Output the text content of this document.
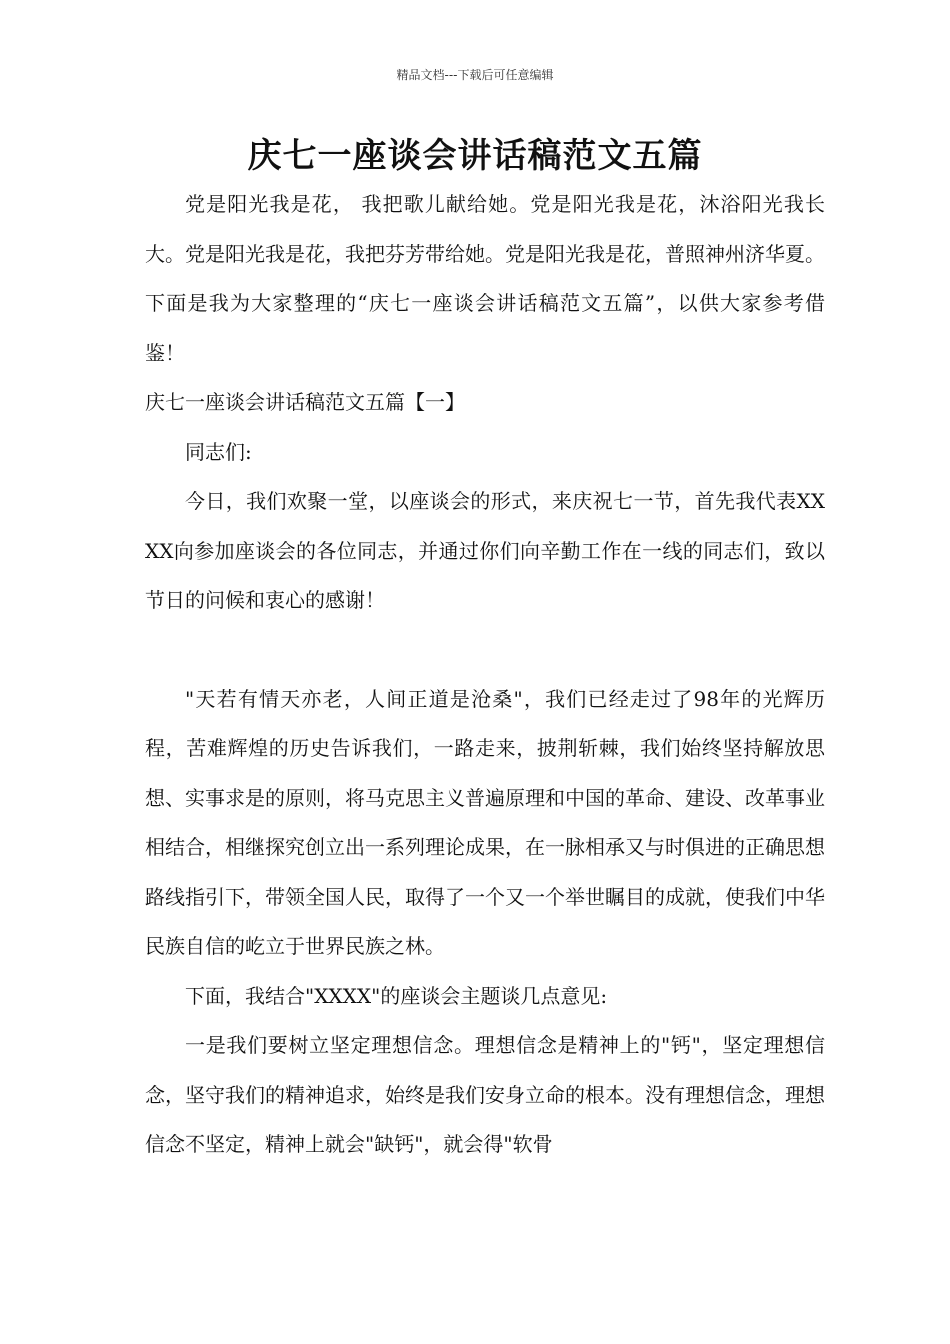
精品文档---下载后可任意编辑
庆七一座谈会讲话稿范文五篇

党是阳光我是花， 我把歌儿献给她。党是阳光我是花，沐浴阳光我长大。党是阳光我是花，我把芬芳带给她。党是阳光我是花，普照神州济华夏。下面是我为大家整理的“庆七一座谈会讲话稿范文五篇”，以供大家参考借鉴！

庆七一座谈会讲话稿范文五篇【一】

同志们:

今日，我们欢聚一堂，以座谈会的形式，来庆祝七一节，首先我代表XXXX向参加座谈会的各位同志，并通过你们向辛勤工作在一线的同志们，致以节日的问候和衷心的感谢！

"天若有情天亦老，人间正道是沧桑"，我们已经走过了98年的光辉历程，苦难辉煌的历史告诉我们，一路走来，披荆斩棘，我们始终坚持解放思想、实事求是的原则，将马克思主义普遍原理和中国的革命、建设、改革事业相结合，相继探究创立出一系列理论成果，在一脉相承又与时俱进的正确思想路线指引下，带领全国人民，取得了一个又一个举世瞩目的成就，使我们中华民族自信的屹立于世界民族之林。

下面，我结合"XXXX"的座谈会主题谈几点意见:

一是我们要树立坚定理想信念。理想信念是精神上的"钙"，坚定理想信念，坚守我们的精神追求，始终是我们安身立命的根本。没有理想信念，理想信念不坚定，精神上就会"缺钙"，就会得"软骨
